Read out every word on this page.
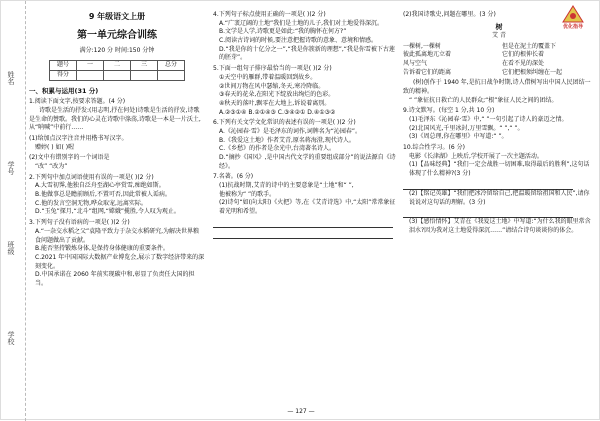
姓名
学号
班级
学校
9 年级语文上册
第一单元综合训练
满分:120 分 时间:150 分钟
题号	一	二	三	总分
得分				
一、积累与运用(31 分)
1.阅读下面文字,按要求答题。(4 分)
诗歌是生活的抒发:(用志明,抒在何处)诗歌是生活的抒发,诗歌是生命的赞歌。我们的心灵在诗歌中涤荡,诗歌是一本是一片沃土,从“呐喊”中前行……
(1)给加点汉字注音并用楷书写汉字。
赠婷( ) 如( )喔
(2)文中有错别字的一个词语是
“改” “改为”
2.下列句中加点词语使用有误的一项是( )(2 分)
A.大雪初霁,他独自泛舟至湖心亭赏雪,痴绝如斯。
B.他做事总是瞻前顾后,不置可否,因此常被人诟病。
C.他的发言空洞无物,哗众取宠,远离实际。
D.“玉兔”探月,“北斗”组网,“嫦娥”揽胜,令人叹为观止。
3.下列句子没有语病的一项是( )(2 分)
A.“一杂交水稻之父”袁隆平致力于杂交水稻研究,为解决世界粮食问题做出了贡献。
B.能否坚持锻炼身体,是保持身体健康的重要条件。
C.2021 年中国国际大数据产业博览会,展示了数字经济带来的深刻变化。
D.中国承诺在 2060 年前实现碳中和,彰显了负责任大国的担当。
4.下列句子标点使用正确的一项是( )(2 分)
A.“广袤辽阔的土地”我们是土地的儿子,我们对土地爱得深沉。
B.文学是人学,诗歌更是如此:“我的胸怀在何方?”
C.阅读古诗词的时候,要注意把握诗歌的意象、意境和情感。
D.“我是你的十亿分之一”,“我是你簇新的理想”,“我是你雪被下古莲的胚芽”。
5.下面一组句子排序最恰当的一项是( )(2 分)
①天空中的雁群,带着温暖回到故乡。
②世间万物在风中瑟缩,冬天,寒冷降临。
③春天的花朵,在阳光下绽放出绚烂的色彩。
④秋天的落叶,飘零在大地上,诉说着离别。
A.②③①④ B.②①④③ C.③④②① D.④①③②
6.下列有关文学文化常识的表述有误的一项是( )(2 分)
A.《沁园春·雪》是毛泽东的词作,词牌名为“沁园春”。
B.《我爱这土地》作者艾青,原名蒋海澄,现代诗人。
C.《乡愁》的作者是余光中,台湾著名诗人。
D.“摘抄《国风》,是中国古代文学的重要组成部分”的说法源自《诗经》。
7.名著。(6 分)
(1)抗战时期,艾青的诗中的主要意象是“土地”和“ ”,
他被称为“ ”的歌手。
(2)诗句“如(向太阳)《火把》等,在《艾青诗选》中,“太阳”常常象征着光明和希望。
(2)我国诗歌史,问题在哪里。(3 分)
树
艾 青
一棵树,一棵树	但是在泥土的覆盖下
彼此孤离地兀立着	它们的根伸长着
风与空气	在看不见的深处
告诉着它们的距离	它们把根须纠缠在一起
(树)创作于 1940 年,是抗日战争时期,诗人借树写出中国人民团结一致的精神。
“ ”象征抗日救亡的人民群众;“根”象征人民之间的团结。
9.诗文默写。(每空 1 分,共 10 分)
(1)毛泽东《沁园春·雪》中,“ ”一句引起了诗人的豪迈之情。
(2)北国风光,千里冰封,万里雪飘。“ ”,“ ”。
(3)《周总理,你在哪里》中写道:“ ”。
10.综合性学习。(6 分)
电影《长津湖》上映后,学校开展了一次主题活动。
(1)【品味经典】“我们一定会战胜一切困难,取得最后的胜利”,这句话体现了什么精神?(3 分)
(2)【铭记英雄】“我们把冰冷留给自己,把温暖留给祖国和人民”,请你说说对这句话的理解。(3 分)
(3)【感悟情怀】艾青在《我爱这土地》中写道:“为什么我的眼里常含泪水?因为我对这土地爱得深沉……”请结合诗句谈谈你的体会。
优化指导
— 127 —
